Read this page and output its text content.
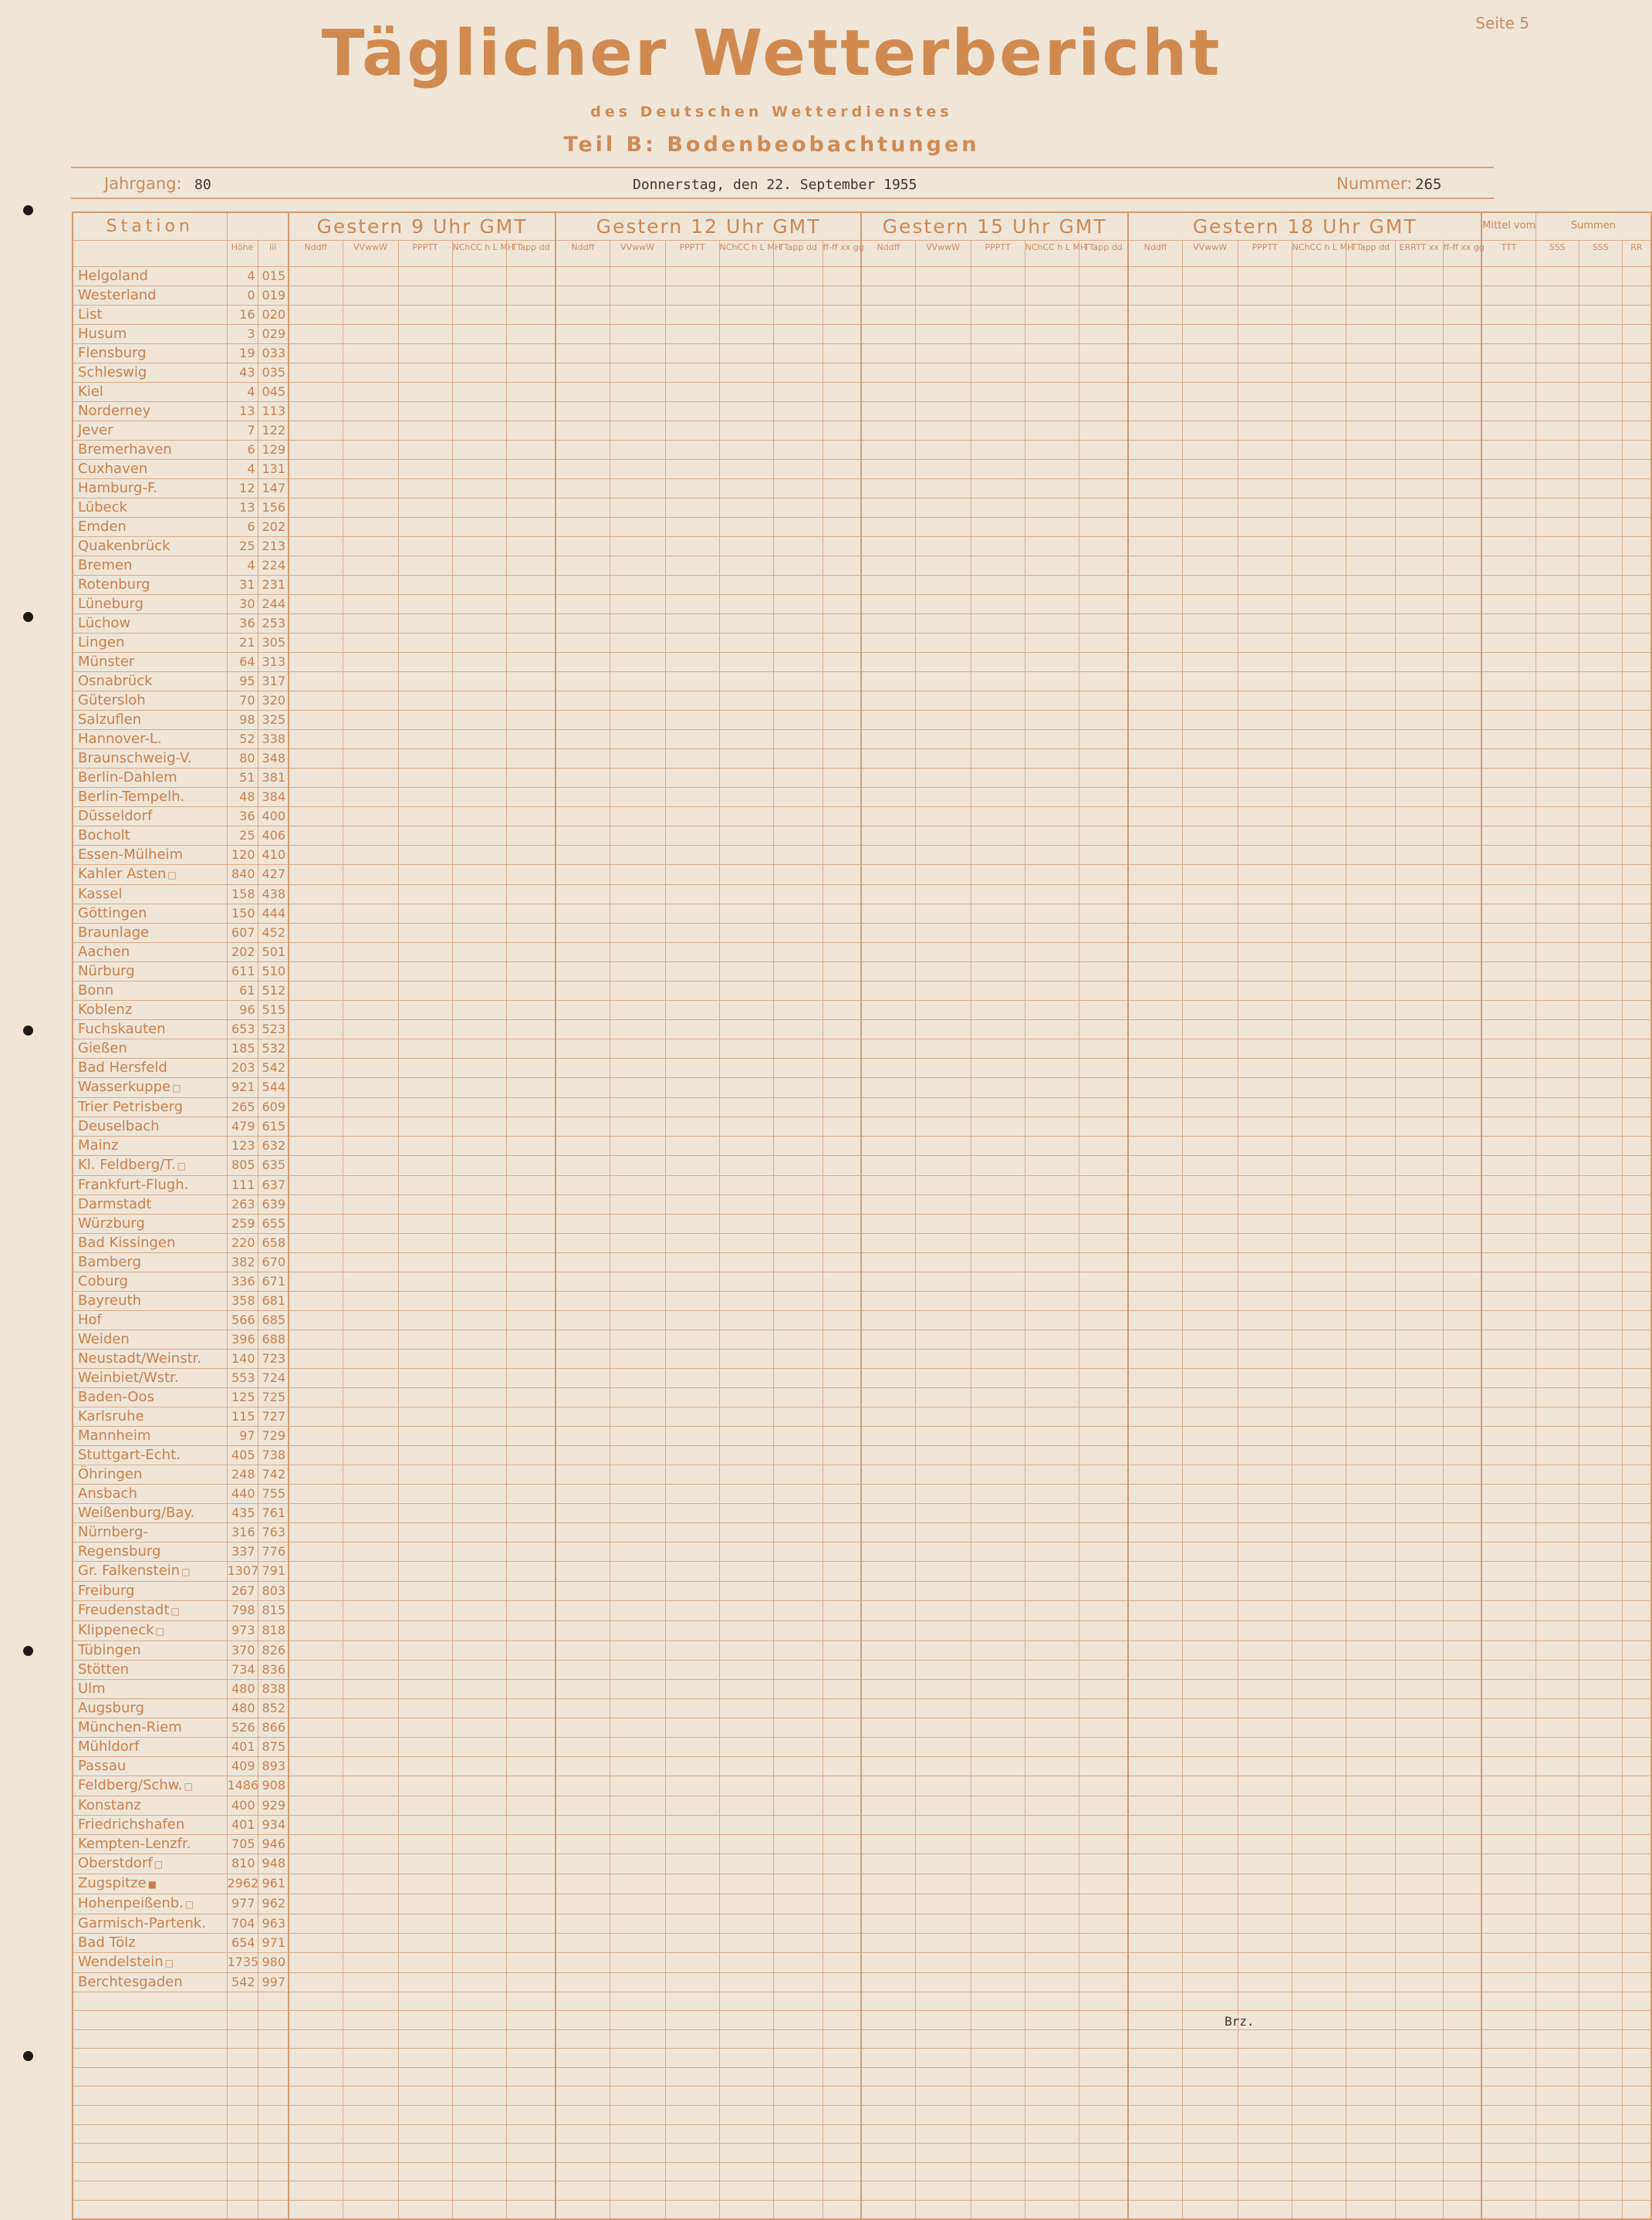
Seite 5
Täglicher Wetterbericht
des Deutschen Wetterdienstes
Teil B: Bodenbeobachtungen
Jahrgang: 80	Donnerstag, den 22. September 1955	Nummer: 265
Station			Gestern 9 Uhr GMT					Gestern 12 Uhr GMT						Gestern 15 Uhr GMT					Gestern 18 Uhr GMT							Mittel vom	Summen		
	Höhe	iii	Nddff	VVwwW	PPPTT	NChCC h L MH	TTapp dd	Nddff	VVwwW	PPPTT	NChCC h L MH	TTapp dd	ff-ff xx gg	Nddff	VVwwW	PPPTT	NChCC h L MH	TTapp dd	Nddff	VVwwW	PPPTT	NChCC h L MH	TTapp dd	ERRTT xx	ff-ff xx gg	TTT	SSS	SSS	RR
Helgoland	4	015																											
Westerland	0	019																											
List	16	020																											
Husum	3	029																											
Flensburg	19	033																											
Schleswig	43	035																											
Kiel	4	045																											
Norderney	13	113																											
Jever	7	122																											
Bremerhaven	6	129																											
Cuxhaven	4	131																											
Hamburg-F.	12	147																											
Lübeck	13	156																											
Emden	6	202																											
Quakenbrück	25	213																											
Bremen	4	224																											
Rotenburg	31	231																											
Lüneburg	30	244																											
Lüchow	36	253																											
Lingen	21	305																											
Münster	64	313																											
Osnabrück	95	317																											
Gütersloh	70	320																											
Salzuflen	98	325																											
Hannover-L.	52	338																											
Braunschweig-V.	80	348																											
Berlin-Dahlem	51	381																											
Berlin-Tempelh.	48	384																											
Düsseldorf	36	400																											
Bocholt	25	406																											
Essen-Mülheim	120	410																											
Kahler Asten □	840	427																											
Kassel	158	438																											
Göttingen	150	444																											
Braunlage	607	452																											
Aachen	202	501																											
Nürburg	611	510																											
Bonn	61	512																											
Koblenz	96	515																											
Fuchskauten	653	523																											
Gießen	185	532																											
Bad Hersfeld	203	542																											
Wasserkuppe □	921	544																											
Trier Petrisberg	265	609																											
Deuselbach	479	615																											
Mainz	123	632																											
Kl. Feldberg/T. □	805	635																											
Frankfurt-Flugh.	111	637																											
Darmstadt	263	639																											
Würzburg	259	655																											
Bad Kissingen	220	658																											
Bamberg	382	670																											
Coburg	336	671																											
Bayreuth	358	681																											
Hof	566	685																											
Weiden	396	688																											
Neustadt/Weinstr.	140	723																											
Weinbiet/Wstr.	553	724																											
Baden-Oos	125	725																											
Karlsruhe	115	727																											
Mannheim	97	729																											
Stuttgart-Echt.	405	738																											
Öhringen	248	742																											
Ansbach	440	755																											
Weißenburg/Bay.	435	761																											
Nürnberg-	316	763																											
Regensburg	337	776																											
Gr. Falkenstein □	1307	791																											
Freiburg	267	803																											
Freudenstadt □	798	815																											
Klippeneck □	973	818																											
Tübingen	370	826																											
Stötten	734	836																											
Ulm	480	838																											
Augsburg	480	852																											
München-Riem	526	866																											
Mühldorf	401	875																											
Passau	409	893																											
Feldberg/Schw. □	1486	908																											
Konstanz	400	929																											
Friedrichshafen	401	934																											
Kempten-Lenzfr.	705	946																											
Oberstdorf □	810	948																											
Zugspitze ■	2962	961																											
Hohenpeißenb. □	977	962																											
Garmisch-Partenk.	704	963																											
Bad Tölz	654	971																											
Wendelstein □	1735	980																											
Berchtesgaden	542	997																											

Brz.
